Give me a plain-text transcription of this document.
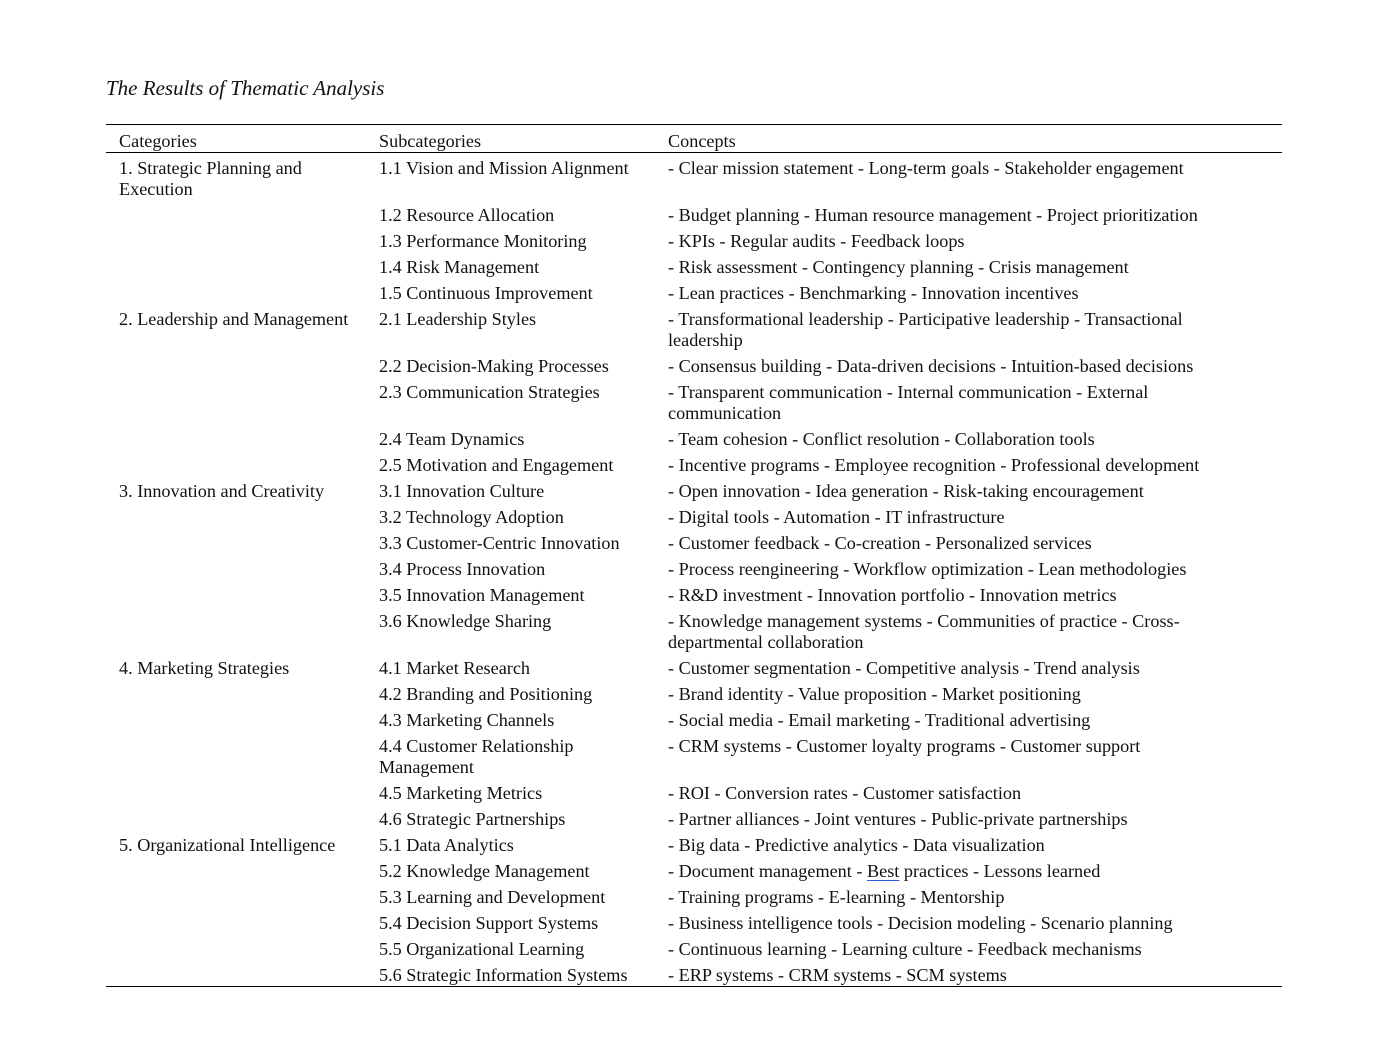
The Results of Thematic Analysis
Categories	Subcategories	Concepts

1. Strategic Planning and Execution	1.1 Vision and Mission Alignment	- Clear mission statement - Long-term goals - Stakeholder engagement

	1.2 Resource Allocation	- Budget planning - Human resource management - Project prioritization

	1.3 Performance Monitoring	- KPIs - Regular audits - Feedback loops

	1.4 Risk Management	- Risk assessment - Contingency planning - Crisis management

	1.5 Continuous Improvement	- Lean practices - Benchmarking - Innovation incentives

2. Leadership and Management	2.1 Leadership Styles	- Transformational leadership - Participative leadership - Transactional leadership

	2.2 Decision-Making Processes	- Consensus building - Data-driven decisions - Intuition-based decisions

	2.3 Communication Strategies	- Transparent communication - Internal communication - External communication

	2.4 Team Dynamics	- Team cohesion - Conflict resolution - Collaboration tools

	2.5 Motivation and Engagement	- Incentive programs - Employee recognition - Professional development

3. Innovation and Creativity	3.1 Innovation Culture	- Open innovation - Idea generation - Risk-taking encouragement

	3.2 Technology Adoption	- Digital tools - Automation - IT infrastructure

	3.3 Customer-Centric Innovation	- Customer feedback - Co-creation - Personalized services

	3.4 Process Innovation	- Process reengineering - Workflow optimization - Lean methodologies

	3.5 Innovation Management	- R&D investment - Innovation portfolio - Innovation metrics

	3.6 Knowledge Sharing	- Knowledge management systems - Communities of practice - Cross-departmental collaboration

4. Marketing Strategies	4.1 Market Research	- Customer segmentation - Competitive analysis - Trend analysis

	4.2 Branding and Positioning	- Brand identity - Value proposition - Market positioning

	4.3 Marketing Channels	- Social media - Email marketing - Traditional advertising

	4.4 Customer Relationship Management	- CRM systems - Customer loyalty programs - Customer support

	4.5 Marketing Metrics	- ROI - Conversion rates - Customer satisfaction

	4.6 Strategic Partnerships	- Partner alliances - Joint ventures - Public-private partnerships

5. Organizational Intelligence	5.1 Data Analytics	- Big data - Predictive analytics - Data visualization

	5.2 Knowledge Management	- Document management - Best practices - Lessons learned

	5.3 Learning and Development	- Training programs - E-learning - Mentorship

	5.4 Decision Support Systems	- Business intelligence tools - Decision modeling - Scenario planning

	5.5 Organizational Learning	- Continuous learning - Learning culture - Feedback mechanisms

	5.6 Strategic Information Systems	- ERP systems - CRM systems - SCM systems
